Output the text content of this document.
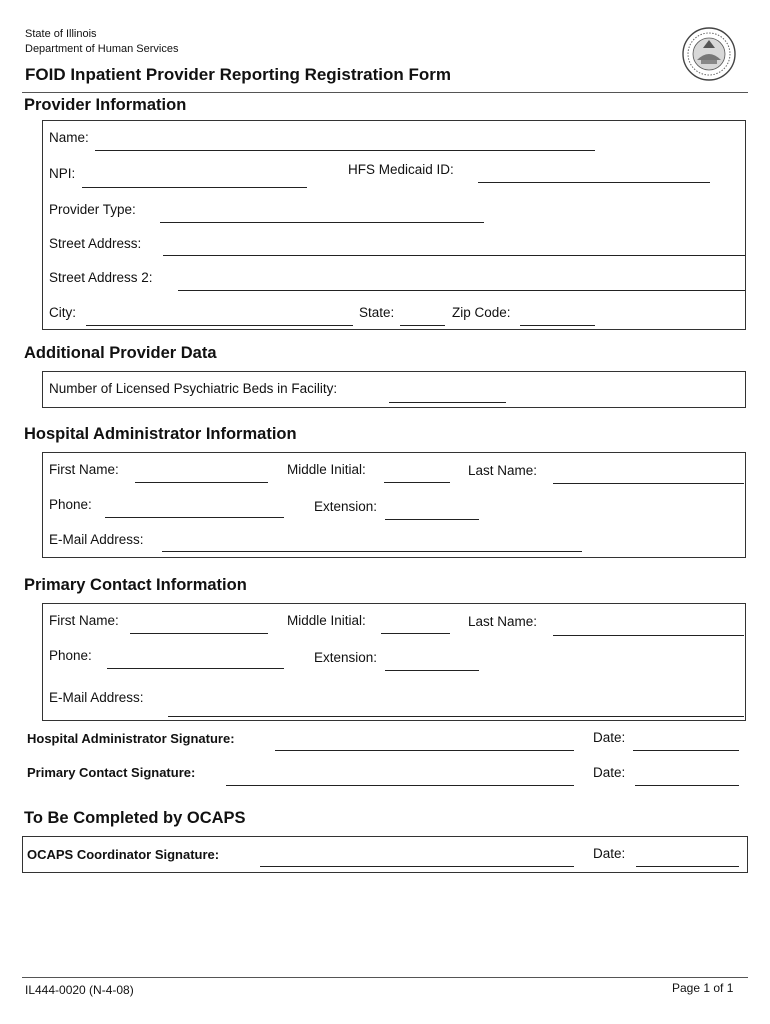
State of Illinois
Department of Human Services
FOID Inpatient Provider Reporting Registration Form
Provider Information
Name:
NPI:	HFS Medicaid ID:
Provider Type:
Street Address:
Street Address 2:
City:	State:	Zip Code:
Additional Provider Data
Number of Licensed Psychiatric Beds in Facility:
Hospital Administrator Information
First Name:	Middle Initial:	Last Name:
Phone:	Extension:
E-Mail Address:
Primary Contact Information
First Name:	Middle Initial:	Last Name:
Phone:	Extension:
E-Mail Address:
Hospital Administrator Signature:	Date:
Primary Contact Signature:	Date:
To Be Completed by OCAPS
OCAPS Coordinator Signature:	Date:
IL444-0020 (N-4-08)	Page 1 of 1
